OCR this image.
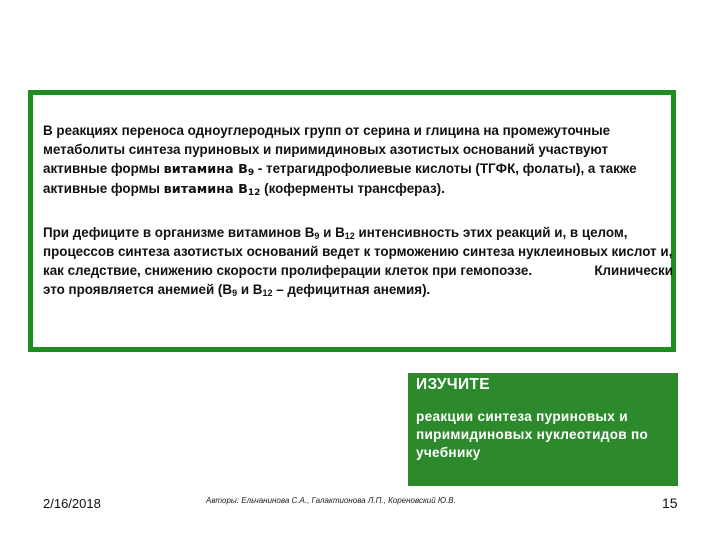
В реакциях переноса одноуглеродных групп от серина и глицина на промежуточные метаболиты синтеза пуриновых и пиримидиновых азотистых оснований участвуют активные формы витамина $В_9$ - тетрагидрофолиевые кислоты (ТГФК, фолаты), а также активные формы витамина $В_{12}$ (коферменты трансфераз).

При дефиците в организме витаминов $В_9$ и $В_{12}$ интенсивность этих реакций и, в целом, процессов синтеза азотистых оснований ведет к торможению синтеза нуклеиновых кислот и, как следствие, снижению скорости пролиферации клеток при гемопоэзе.	Клинически

это проявляется анемией ($В_9$ и $В_{12}$ – дефицитная анемия).

ИЗУЧИТЕ
реакции синтеза пуриновых и пиримидиновых нуклеотидов по учебнику
2/16/2018	Авторы: Ельчанинова С.А., Галактионова Л.П., Кореновский Ю.В.	15
